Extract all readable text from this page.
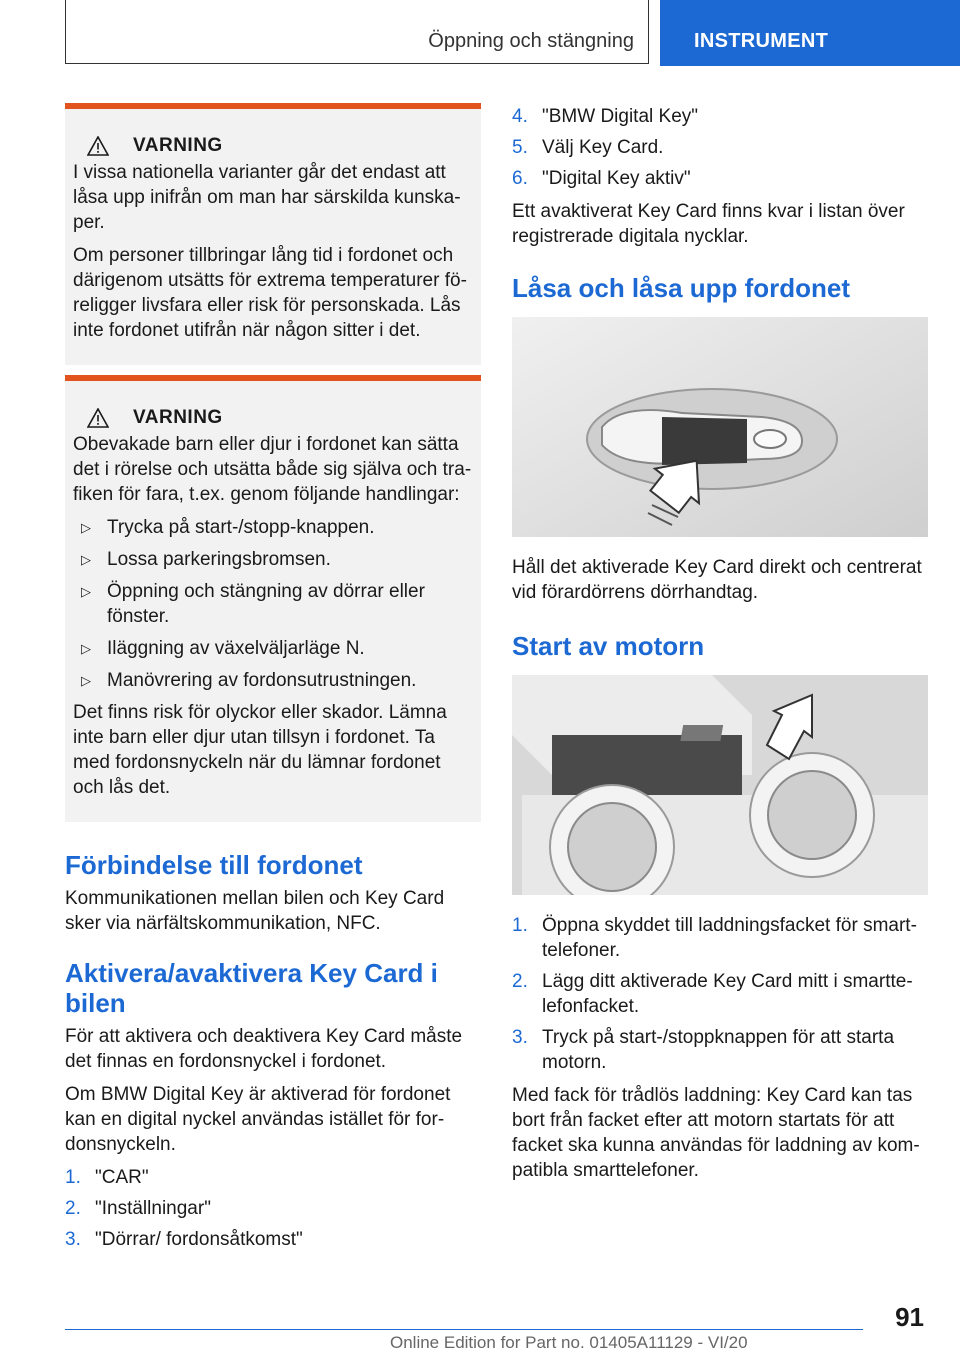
Öppning och stängning	INSTRUMENT
VARNING

I vissa nationella varianter går det endast att låsa upp inifrån om man har särskilda kunskaper.

Om personer tillbringar lång tid i fordonet och därigenom utsätts för extrema temperaturer föreligger livsfara eller risk för personskada. Lås inte fordonet utifrån när någon sitter i det.

VARNING

Obevakade barn eller djur i fordonet kan sätta det i rörelse och utsätta både sig själva och trafiken för fara, t.ex. genom följande handlingar:

▷ Trycka på start-/stopp-knappen.
▷ Lossa parkeringsbromsen.
▷ Öppning och stängning av dörrar eller fönster.
▷ Iläggning av växelväljarläge N.
▷ Manövrering av fordonsutrustningen.

Det finns risk för olyckor eller skador. Lämna inte barn eller djur utan tillsyn i fordonet. Ta med fordonsnyckeln när du lämnar fordonet och lås det.

Förbindelse till fordonet

Kommunikationen mellan bilen och Key Card sker via närfältskommunikation, NFC.

Aktivera/avaktivera Key Card i bilen

För att aktivera och deaktivera Key Card måste det finnas en fordonsnyckel i fordonet.

Om BMW Digital Key är aktiverad för fordonet kan en digital nyckel användas istället för fordonsnyckeln.

1. "CAR"
2. "Inställningar"
3. "Dörrar/ fordonsåtkomst"
4. "BMW Digital Key"
5. Välj Key Card.
6. "Digital Key aktiv"

Ett avaktiverat Key Card finns kvar i listan över registrerade digitala nycklar.

Låsa och låsa upp fordonet

Håll det aktiverade Key Card direkt och centrerat vid förardörrens dörrhandtag.

Start av motorn
1. Öppna skyddet till laddningsfacket för smarttelefoner.
2. Lägg ditt aktiverade Key Card mitt i smarttelefonfacket.
3. Tryck på start-/stoppknappen för att starta motorn.

Med fack för trådlös laddning: Key Card kan tas bort från facket efter att motorn startats för att facket ska kunna användas för laddning av kompatibla smarttelefoner.

91
Online Edition for Part no. 01405A11129 - VI/20
